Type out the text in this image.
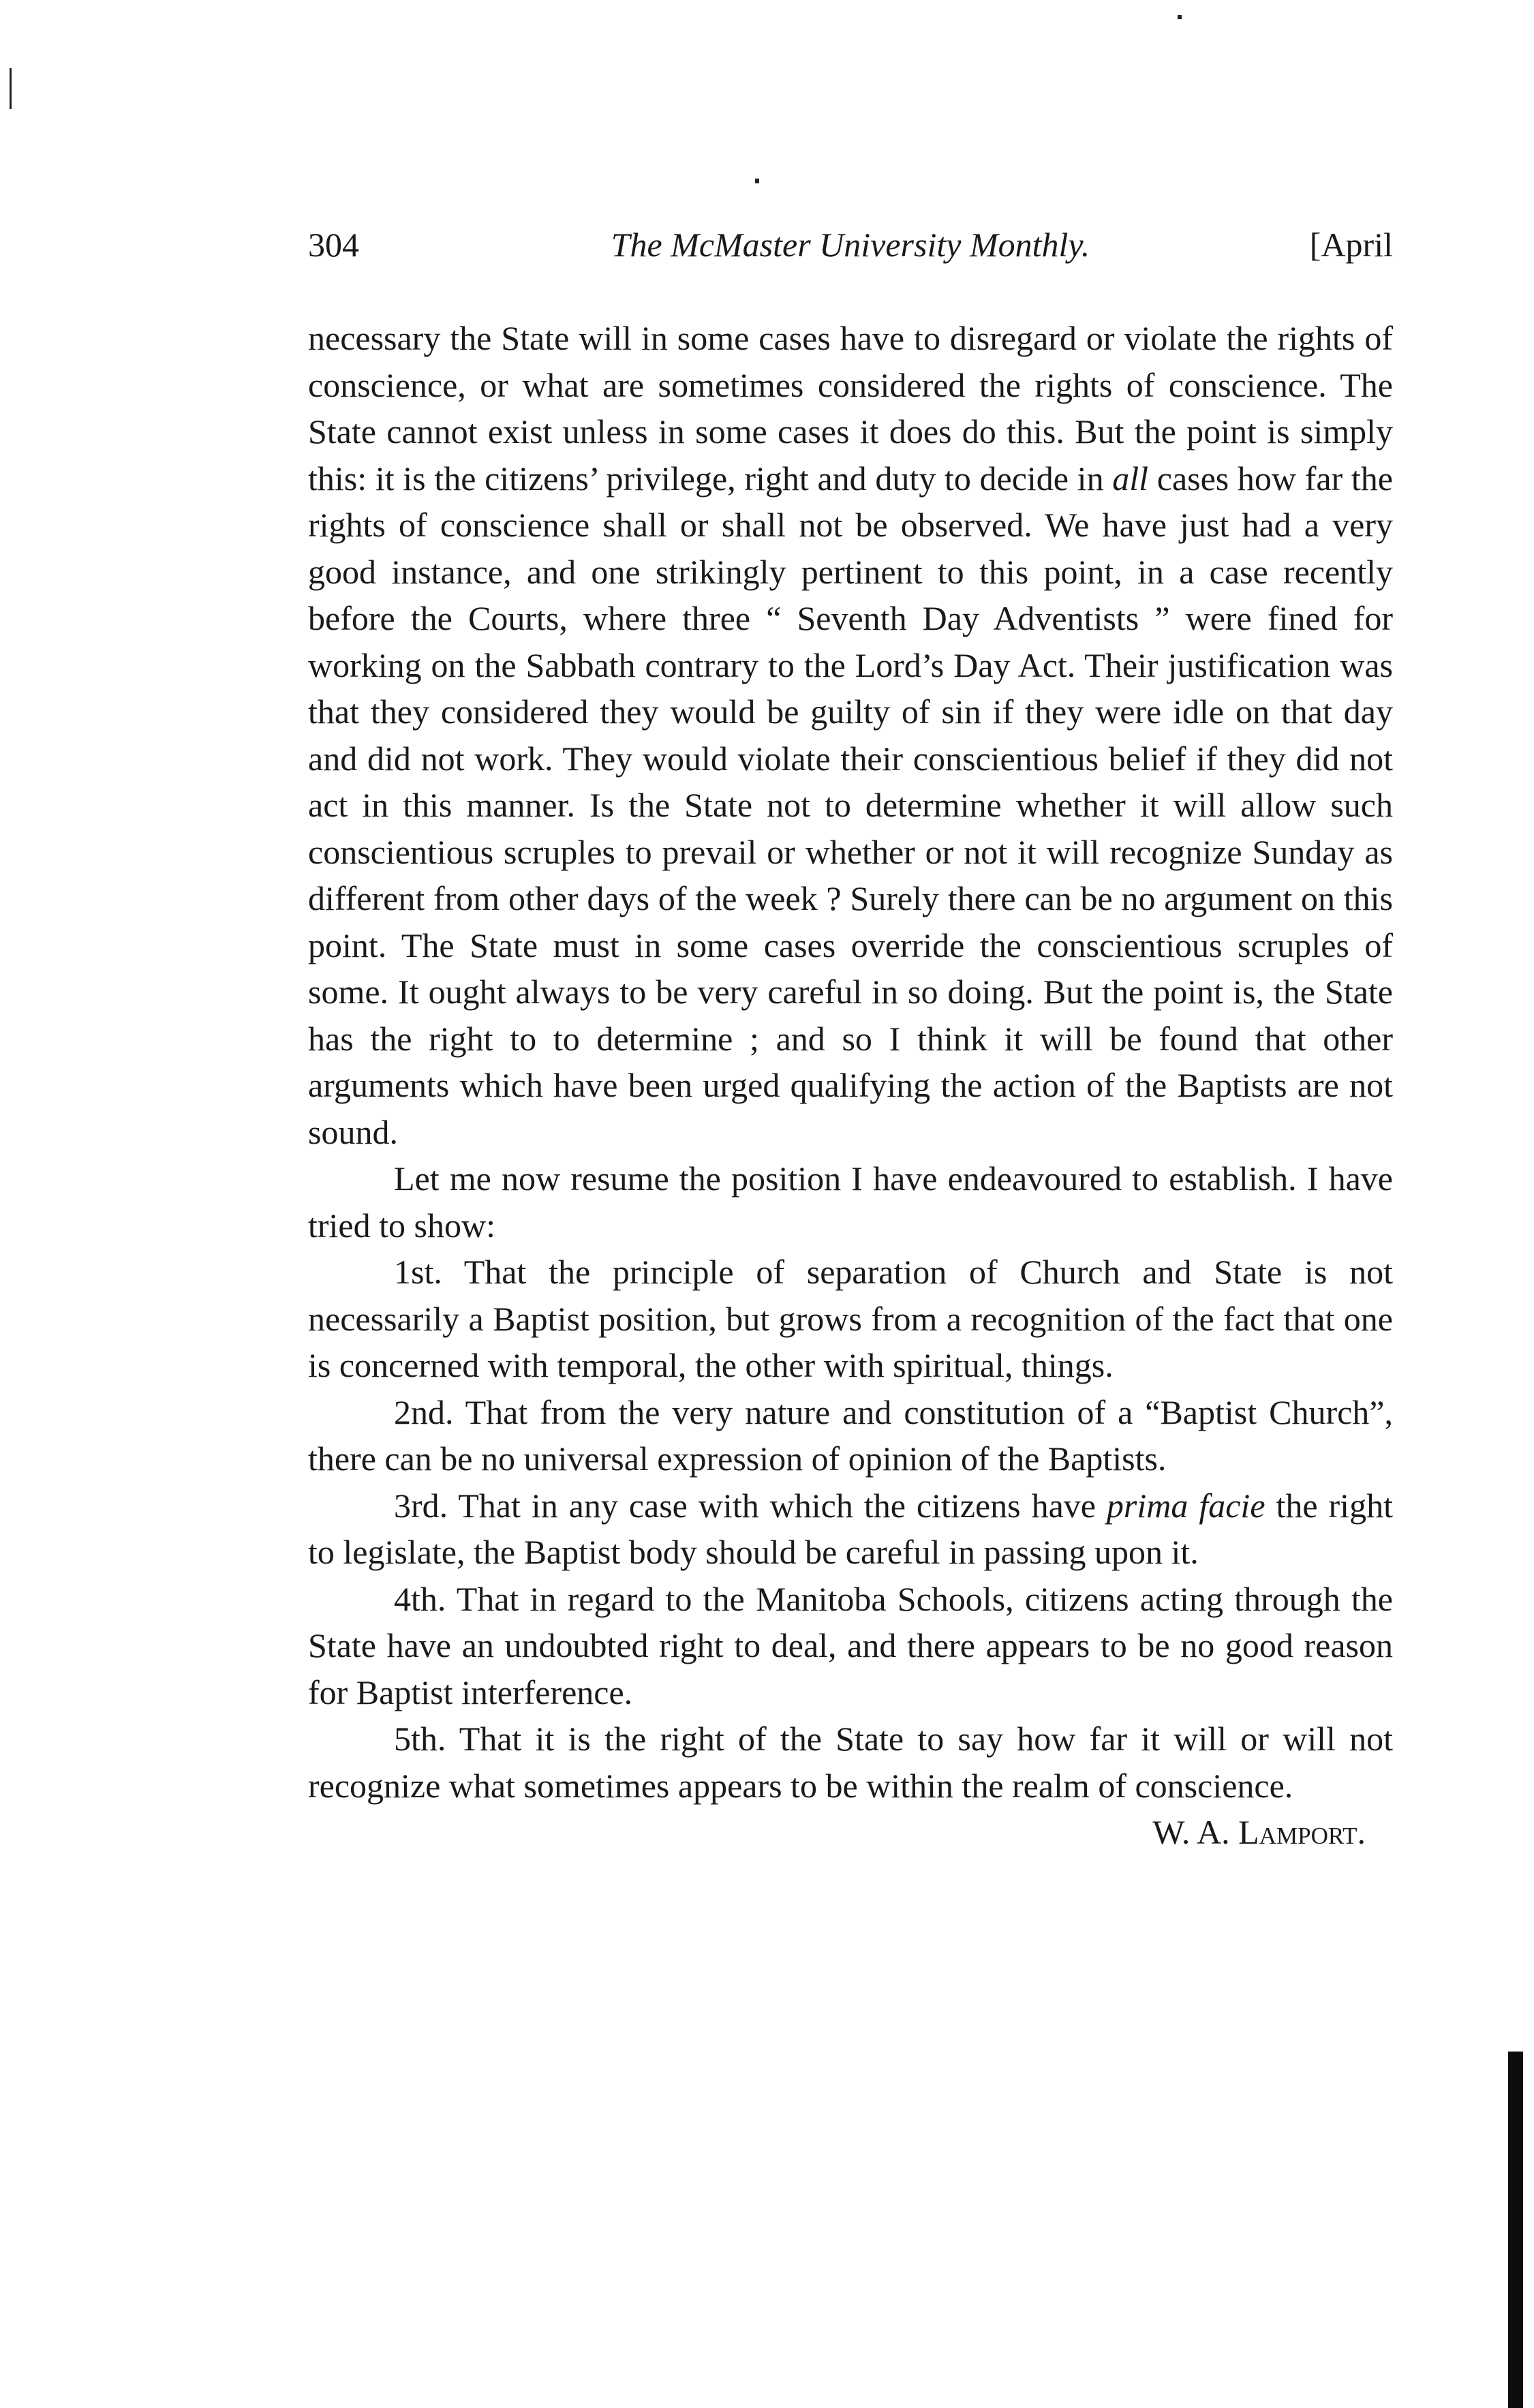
304	The McMaster University Monthly.	[April

necessary the State will in some cases have to disregard or violate the rights of conscience, or what are sometimes considered the rights of conscience. The State cannot exist unless in some cases it does do this. But the point is simply this: it is the citizens’ privilege, right and duty to decide in all cases how far the rights of conscience shall or shall not be observed. We have just had a very good instance, and one strikingly pertinent to this point, in a case recently before the Courts, where three “ Seventh Day Adventists ” were fined for working on the Sabbath contrary to the Lord’s Day Act. Their justification was that they considered they would be guilty of sin if they were idle on that day and did not work. They would violate their conscientious belief if they did not act in this manner. Is the State not to determine whether it will allow such conscientious scruples to prevail or whether or not it will recognize Sunday as different from other days of the week ? Surely there can be no argument on this point. The State must in some cases override the conscientious scruples of some. It ought always to be very careful in so doing. But the point is, the State has the right to to determine ; and so I think it will be found that other arguments which have been urged qualifying the action of the Baptists are not sound.

Let me now resume the position I have endeavoured to establish. I have tried to show:

1st. That the principle of separation of Church and State is not necessarily a Baptist position, but grows from a recognition of the fact that one is concerned with temporal, the other with spiritual, things.

2nd. That from the very nature and constitution of a “Baptist Church”, there can be no universal expression of opinion of the Baptists.

3rd. That in any case with which the citizens have prima facie the right to legislate, the Baptist body should be careful in passing upon it.

4th. That in regard to the Manitoba Schools, citizens acting through the State have an undoubted right to deal, and there appears to be no good reason for Baptist interference.

5th. That it is the right of the State to say how far it will or will not recognize what sometimes appears to be within the realm of conscience.
W. A. Lamport.
